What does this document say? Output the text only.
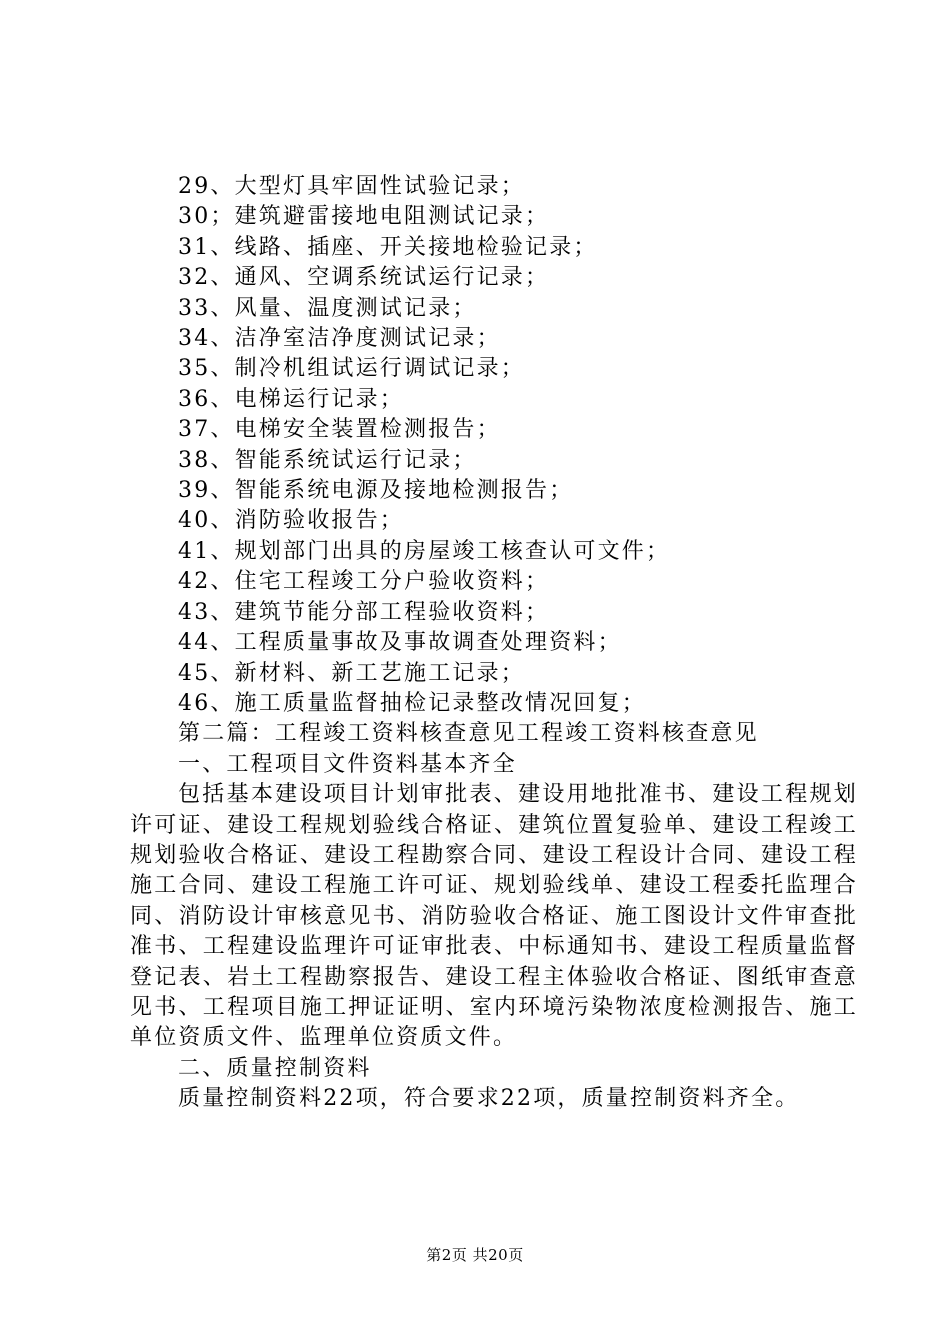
29、大型灯具牢固性试验记录；
30；建筑避雷接地电阻测试记录；
31、线路、插座、开关接地检验记录；
32、通风、空调系统试运行记录；
33、风量、温度测试记录；
34、洁净室洁净度测试记录；
35、制冷机组试运行调试记录；
36、电梯运行记录；
37、电梯安全装置检测报告；
38、智能系统试运行记录；
39、智能系统电源及接地检测报告；
40、消防验收报告；
41、规划部门出具的房屋竣工核查认可文件；
42、住宅工程竣工分户验收资料；
43、建筑节能分部工程验收资料；
44、工程质量事故及事故调查处理资料；
45、新材料、新工艺施工记录；
46、施工质量监督抽检记录整改情况回复；
第二篇：工程竣工资料核查意见工程竣工资料核查意见
一、工程项目文件资料基本齐全
包括基本建设项目计划审批表、建设用地批准书、建设工程规划许可证、建设工程规划验线合格证、建筑位置复验单、建设工程竣工规划验收合格证、建设工程勘察合同、建设工程设计合同、建设工程施工合同、建设工程施工许可证、规划验线单、建设工程委托监理合同、消防设计审核意见书、消防验收合格证、施工图设计文件审查批准书、工程建设监理许可证审批表、中标通知书、建设工程质量监督登记表、岩土工程勘察报告、建设工程主体验收合格证、图纸审查意见书、工程项目施工押证证明、室内环境污染物浓度检测报告、施工单位资质文件、监理单位资质文件。
二、质量控制资料
质量控制资料22项，符合要求22项，质量控制资料齐全。
第2页 共20页
